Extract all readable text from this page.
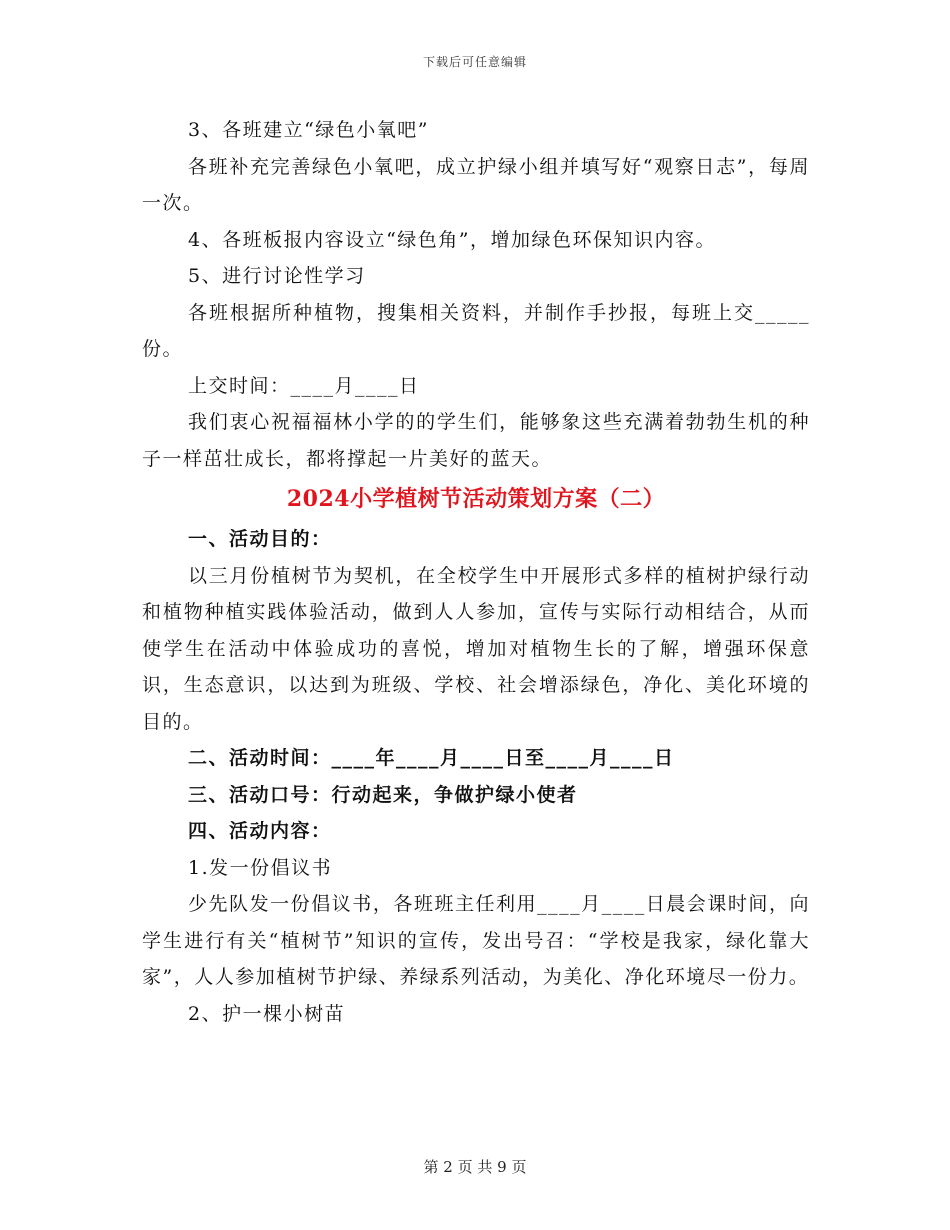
下载后可任意编辑

3、各班建立“绿色小氧吧”

各班补充完善绿色小氧吧，成立护绿小组并填写好“观察日志”，每周一次。

4、各班板报内容设立“绿色角”，增加绿色环保知识内容。

5、进行讨论性学习

各班根据所种植物，搜集相关资料，并制作手抄报，每班上交_____份。

上交时间：____月____日

我们衷心祝福福林小学的的学生们，能够象这些充满着勃勃生机的种子一样茁壮成长，都将撑起一片美好的蓝天。

2024小学植树节活动策划方案（二）

一、活动目的：

以三月份植树节为契机，在全校学生中开展形式多样的植树护绿行动和植物种植实践体验活动，做到人人参加，宣传与实际行动相结合，从而使学生在活动中体验成功的喜悦，增加对植物生长的了解，增强环保意识，生态意识，以达到为班级、学校、社会增添绿色，净化、美化环境的目的。

二、活动时间：____年____月____日至____月____日

三、活动口号：行动起来，争做护绿小使者

四、活动内容：

1.发一份倡议书

少先队发一份倡议书，各班班主任利用____月____日晨会课时间，向学生进行有关“植树节”知识的宣传，发出号召：“学校是我家，绿化靠大家”，人人参加植树节护绿、养绿系列活动，为美化、净化环境尽一份力。

2、护一棵小树苗

第 2 页 共 9 页
